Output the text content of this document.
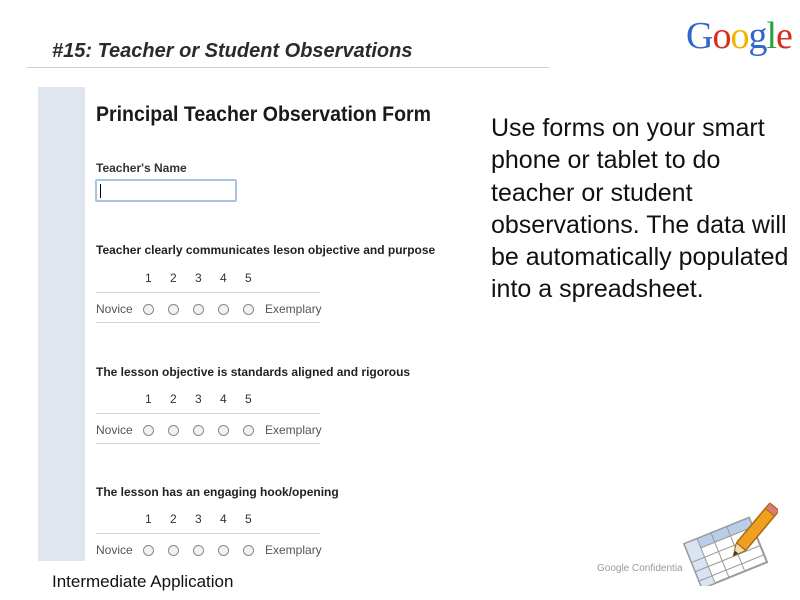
#15: Teacher or Student Observations	Google
Principal Teacher Observation Form
Teacher's Name
Teacher clearly communicates leson objective and purpose
1 2 3 4 5
Novice	Exemplary
The lesson objective is standards aligned and rigorous
1 2 3 4 5
Novice	Exemplary
The lesson has an engaging hook/opening
1 2 3 4 5
Novice	Exemplary
Use forms on your smart phone or tablet to do teacher or student observations. The data will be automatically populated into a spreadsheet.
Intermediate Application
Google Confidentia
